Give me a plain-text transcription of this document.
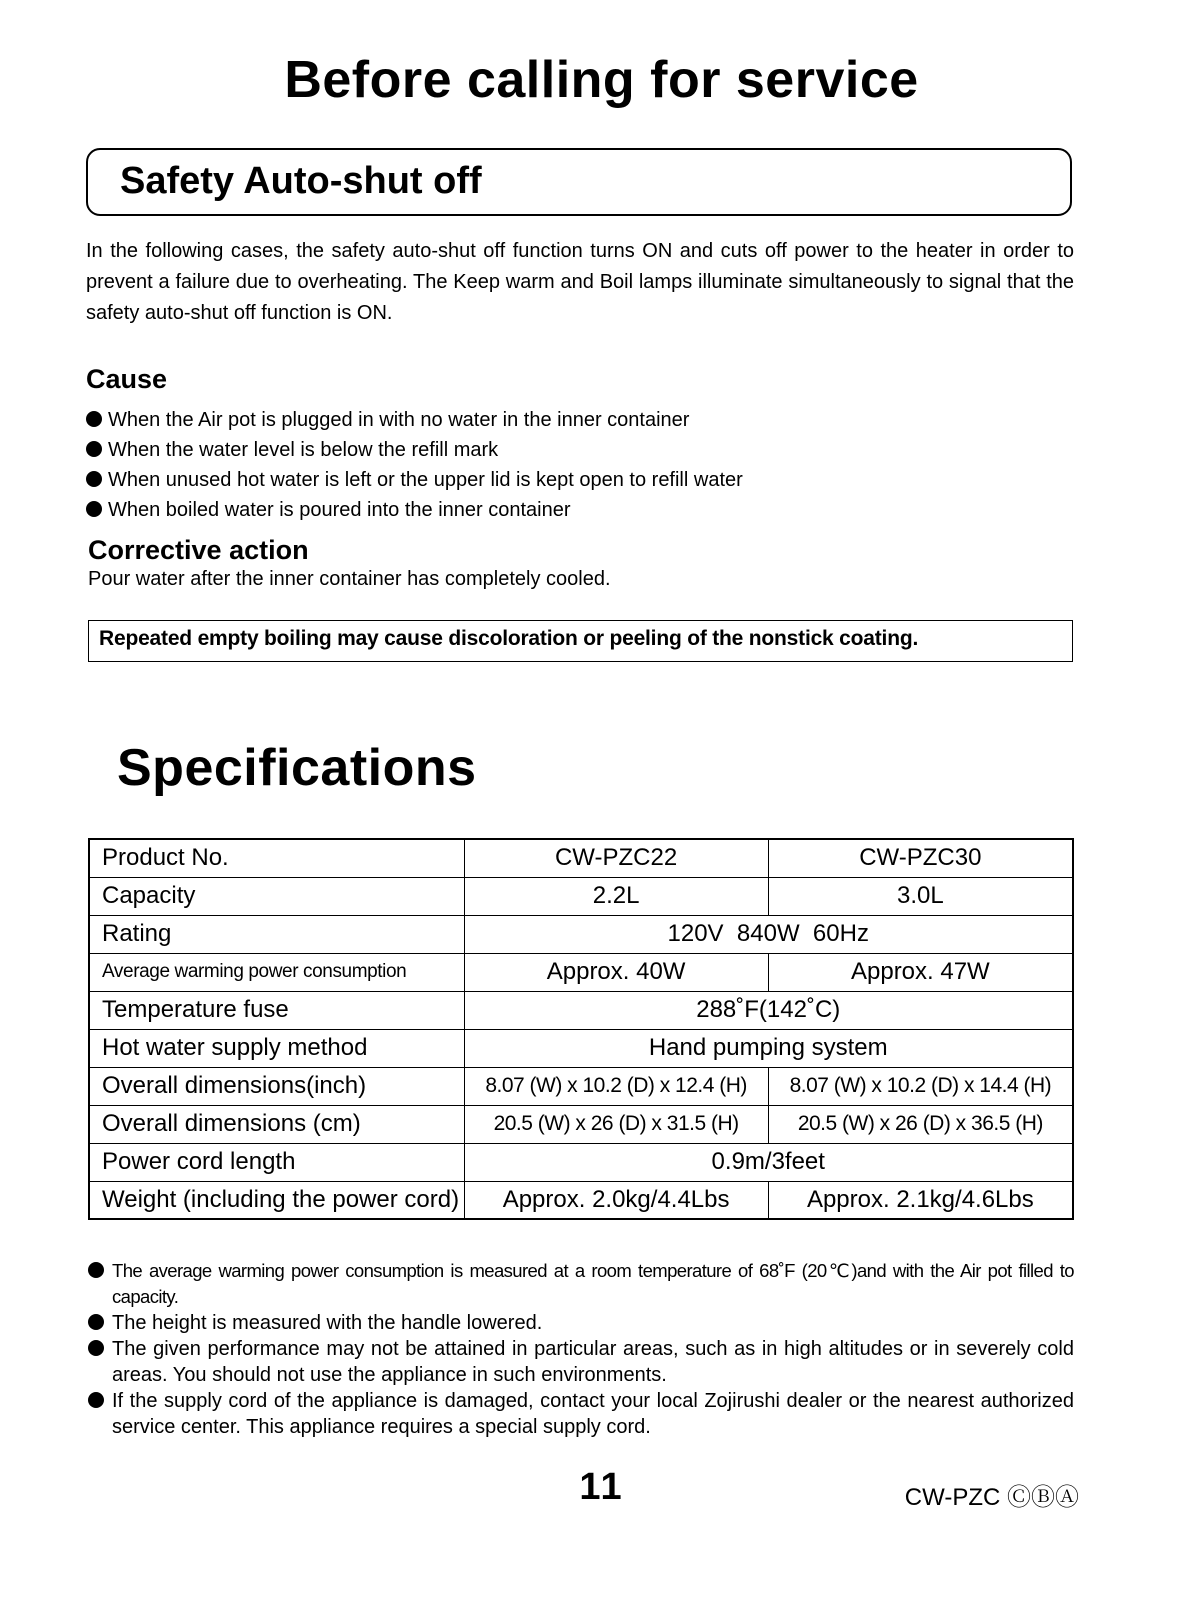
Before calling for service
Safety Auto-shut off

In the following cases, the safety auto-shut off function turns ON and cuts off power to the heater in order to prevent a failure due to overheating. The Keep warm and Boil lamps illuminate simultaneously to signal that the safety auto-shut off function is ON.

Cause
When the Air pot is plugged in with no water in the inner container
When the water level is below the refill mark
When unused hot water is left or the upper lid is kept open to refill water
When boiled water is poured into the inner container
Corrective action

Pour water after the inner container has completely cooled.

Repeated empty boiling may cause discoloration or peeling of the nonstick coating.
Specifications
Product No.	CW-PZC22	CW-PZC30
Capacity	2.2L	3.0L
Rating	120V  840W  60Hz	
Average warming power consumption	Approx. 40W	Approx. 47W
Temperature fuse	288˚F(142˚C)	
Hot water supply method	Hand pumping system	
Overall dimensions(inch)	8.07 (W) x 10.2 (D) x 12.4 (H)	8.07 (W) x 10.2 (D) x 14.4 (H)
Overall dimensions (cm)	20.5 (W) x 26 (D) x 31.5 (H)	20.5 (W) x 26 (D) x 36.5 (H)
Power cord length	0.9m/3feet	
Weight (including the power cord)	Approx. 2.0kg/4.4Lbs	Approx. 2.1kg/4.6Lbs
The average warming power consumption is measured at a room temperature of 68˚F (20℃)and with the Air pot filled to capacity.
The height is measured with the handle lowered.
The given performance may not be attained in particular areas, such as in high altitudes or in severely cold areas. You should not use the appliance in such environments.
If the supply cord of the appliance is damaged, contact your local Zojirushi dealer or the nearest authorized service center. This appliance requires a special supply cord.
11	CW-PZC ⒸⒷⒶ
